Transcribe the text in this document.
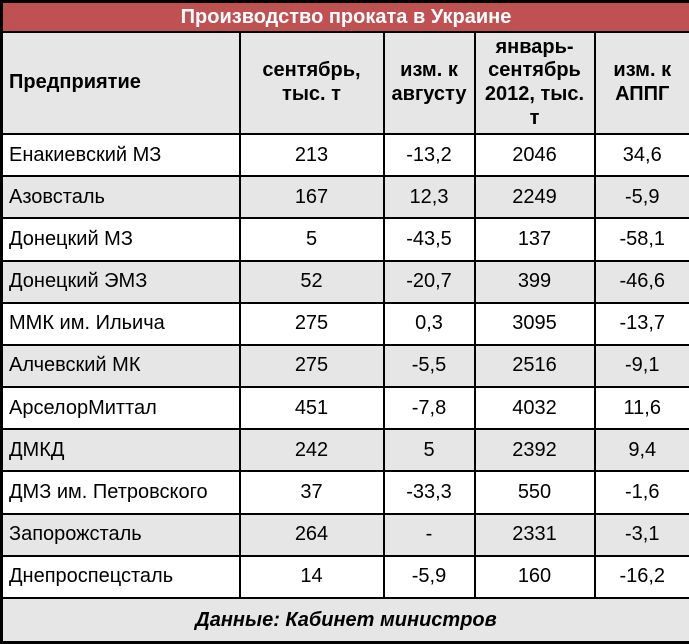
Производство проката в Украине				
Предприятие	сентябрь, тыс. т	изм. к августу	январь-сентябрь 2012, тыс. т	изм. к АППГ
Енакиевский МЗ	213	-13,2	2046	34,6
Азовсталь	167	12,3	2249	-5,9
Донецкий МЗ	5	-43,5	137	-58,1
Донецкий ЭМЗ	52	-20,7	399	-46,6
ММК им. Ильича	275	0,3	3095	-13,7
Алчевский МК	275	-5,5	2516	-9,1
АрселорМиттал	451	-7,8	4032	11,6
ДМКД	242	5	2392	9,4
ДМЗ им. Петровского	37	-33,3	550	-1,6
Запорожсталь	264	-	2331	-3,1
Днепроспецсталь	14	-5,9	160	-16,2
Данные: Кабинет министров				
